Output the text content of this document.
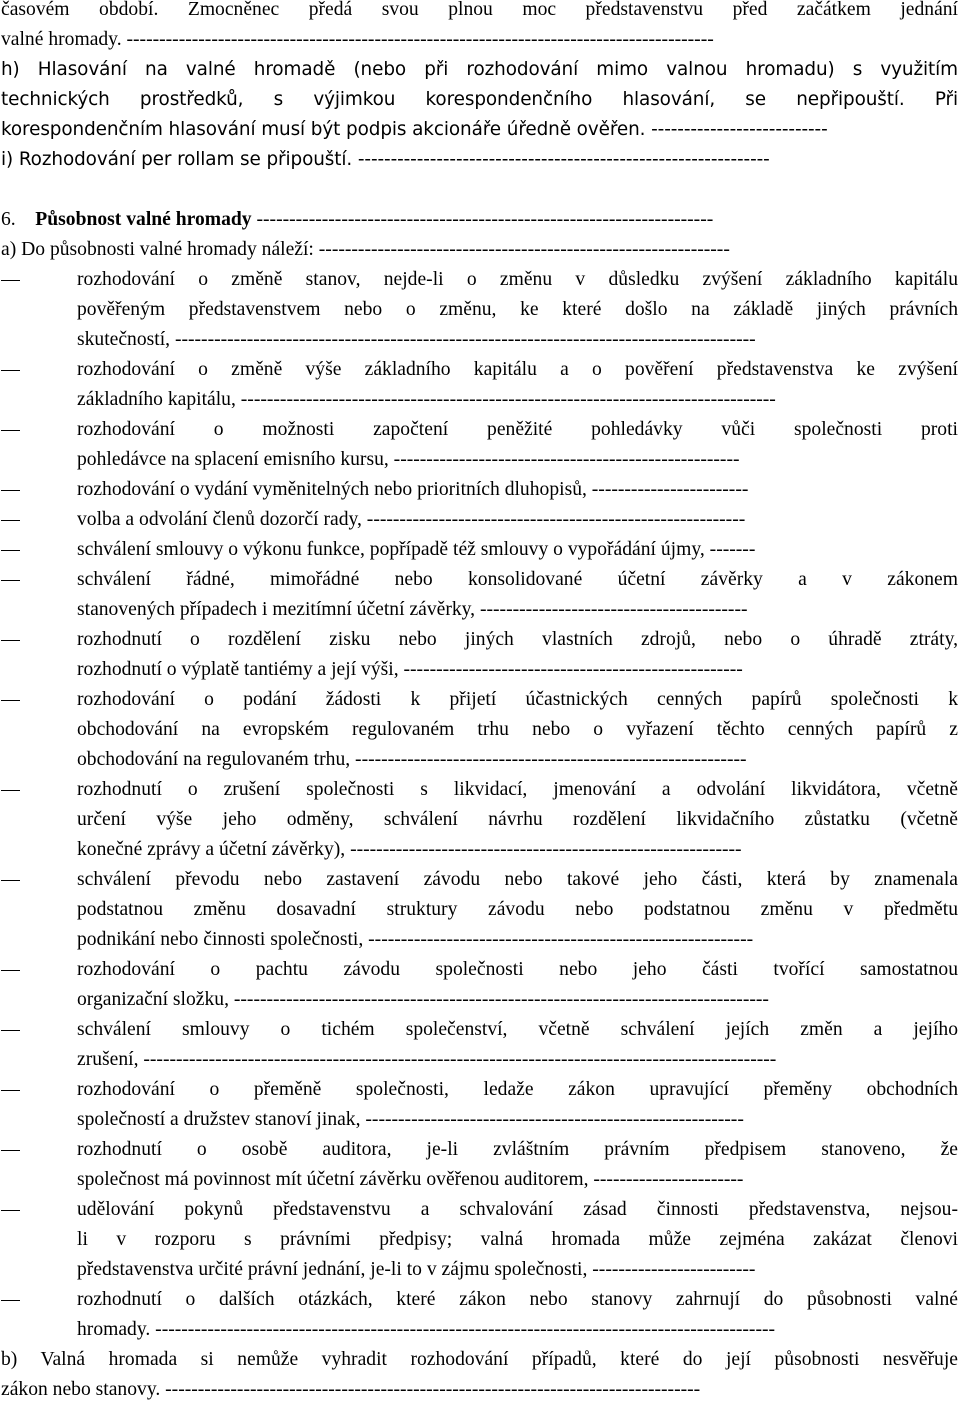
časovém období. Zmocněnec předá svou plnou moc představenstvu před začátkem jednání
valné hromady. ------------------------------------------------------------------------------------------
h) Hlasování na valné hromadě (nebo při rozhodování mimo valnou hromadu) s využitím
technických prostředků, s výjimkou korespondenčního hlasování, se nepřipouští. Při
korespondenčním hlasování musí být podpis akcionáře úředně ověřen. ---------------------------
i) Rozhodování per rollam se připouští. ---------------------------------------------------------------
6. Působnost valné hromady ----------------------------------------------------------------------
a) Do působnosti valné hromady náleží: ---------------------------------------------------------------
rozhodování o změně stanov, nejde-li o změnu v důsledku zvýšení základního kapitálu
pověřeným představenstvem nebo o změnu, ke které došlo na základě jiných právních
skutečností, -----------------------------------------------------------------------------------------
rozhodování o změně výše základního kapitálu a o pověření představenstva ke zvýšení
základního kapitálu, ----------------------------------------------------------------------------------
rozhodování o možnosti započtení peněžité pohledávky vůči společnosti proti
pohledávce na splacení emisního kursu, -----------------------------------------------------
rozhodování o vydání vyměnitelných nebo prioritních dluhopisů, ------------------------
volba a odvolání členů dozorčí rady, ----------------------------------------------------------
schválení smlouvy o výkonu funkce, popřípadě též smlouvy o vypořádání újmy, -------
schválení řádné, mimořádné nebo konsolidované účetní závěrky a v zákonem
stanovených případech i mezitímní účetní závěrky, -----------------------------------------
rozhodnutí o rozdělení zisku nebo jiných vlastních zdrojů, nebo o úhradě ztráty,
rozhodnutí o výplatě tantiémy a její výši, ----------------------------------------------------
rozhodování o podání žádosti k přijetí účastnických cenných papírů společnosti k
obchodování na evropském regulovaném trhu nebo o vyřazení těchto cenných papírů z
obchodování na regulovaném trhu, ------------------------------------------------------------
rozhodnutí o zrušení společnosti s likvidací, jmenování a odvolání likvidátora, včetně
určení výše jeho odměny, schválení návrhu rozdělení likvidačního zůstatku (včetně
konečné zprávy a účetní závěrky), ------------------------------------------------------------
schválení převodu nebo zastavení závodu nebo takové jeho části, která by znamenala
podstatnou změnu dosavadní struktury závodu nebo podstatnou změnu v předmětu
podnikání nebo činnosti společnosti, -----------------------------------------------------------
rozhodování o pachtu závodu společnosti nebo jeho části tvořící samostatnou
organizační složku, ----------------------------------------------------------------------------------
schválení smlouvy o tichém společenství, včetně schválení jejích změn a jejího
zrušení, -------------------------------------------------------------------------------------------------
rozhodování o přeměně společnosti, ledaže zákon upravující přeměny obchodních
společností a družstev stanoví jinak, ----------------------------------------------------------
rozhodnutí o osobě auditora, je-li zvláštním právním předpisem stanoveno, že
společnost má povinnost mít účetní závěrku ověřenou auditorem, -----------------------
udělování pokynů představenstvu a schvalování zásad činnosti představenstva, nejsou-
li v rozporu s právními předpisy; valná hromada může zejména zakázat členovi
představenstva určité právní jednání, je-li to v zájmu společnosti, -------------------------
rozhodnutí o dalších otázkách, které zákon nebo stanovy zahrnují do působnosti valné
hromady. -----------------------------------------------------------------------------------------------
b) Valná hromada si nemůže vyhradit rozhodování případů, které do její působnosti nesvěřuje
zákon nebo stanovy. ----------------------------------------------------------------------------------
